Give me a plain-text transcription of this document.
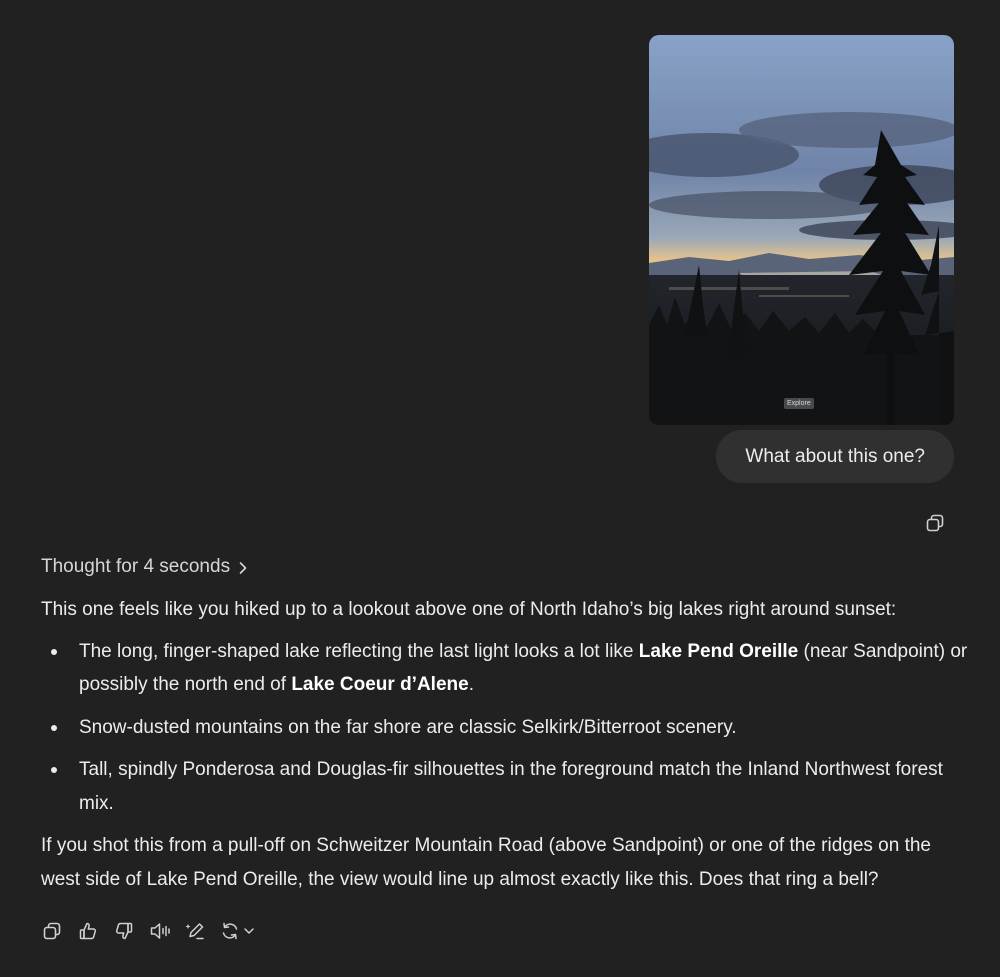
Explore
What about this one?
Thought for 4 seconds

This one feels like you hiked up to a lookout above one of North Idaho’s big lakes right around sunset:

The long, finger-shaped lake reflecting the last light looks a lot like Lake Pend Oreille (near Sandpoint) or possibly the north end of Lake Coeur d’Alene.
Snow-dusted mountains on the far shore are classic Selkirk/Bitterroot scenery.
Tall, spindly Ponderosa and Douglas-fir silhouettes in the foreground match the Inland Northwest forest mix.

If you shot this from a pull-off on Schweitzer Mountain Road (above Sandpoint) or one of the ridges on the west side of Lake Pend Oreille, the view would line up almost exactly like this. Does that ring a bell?
